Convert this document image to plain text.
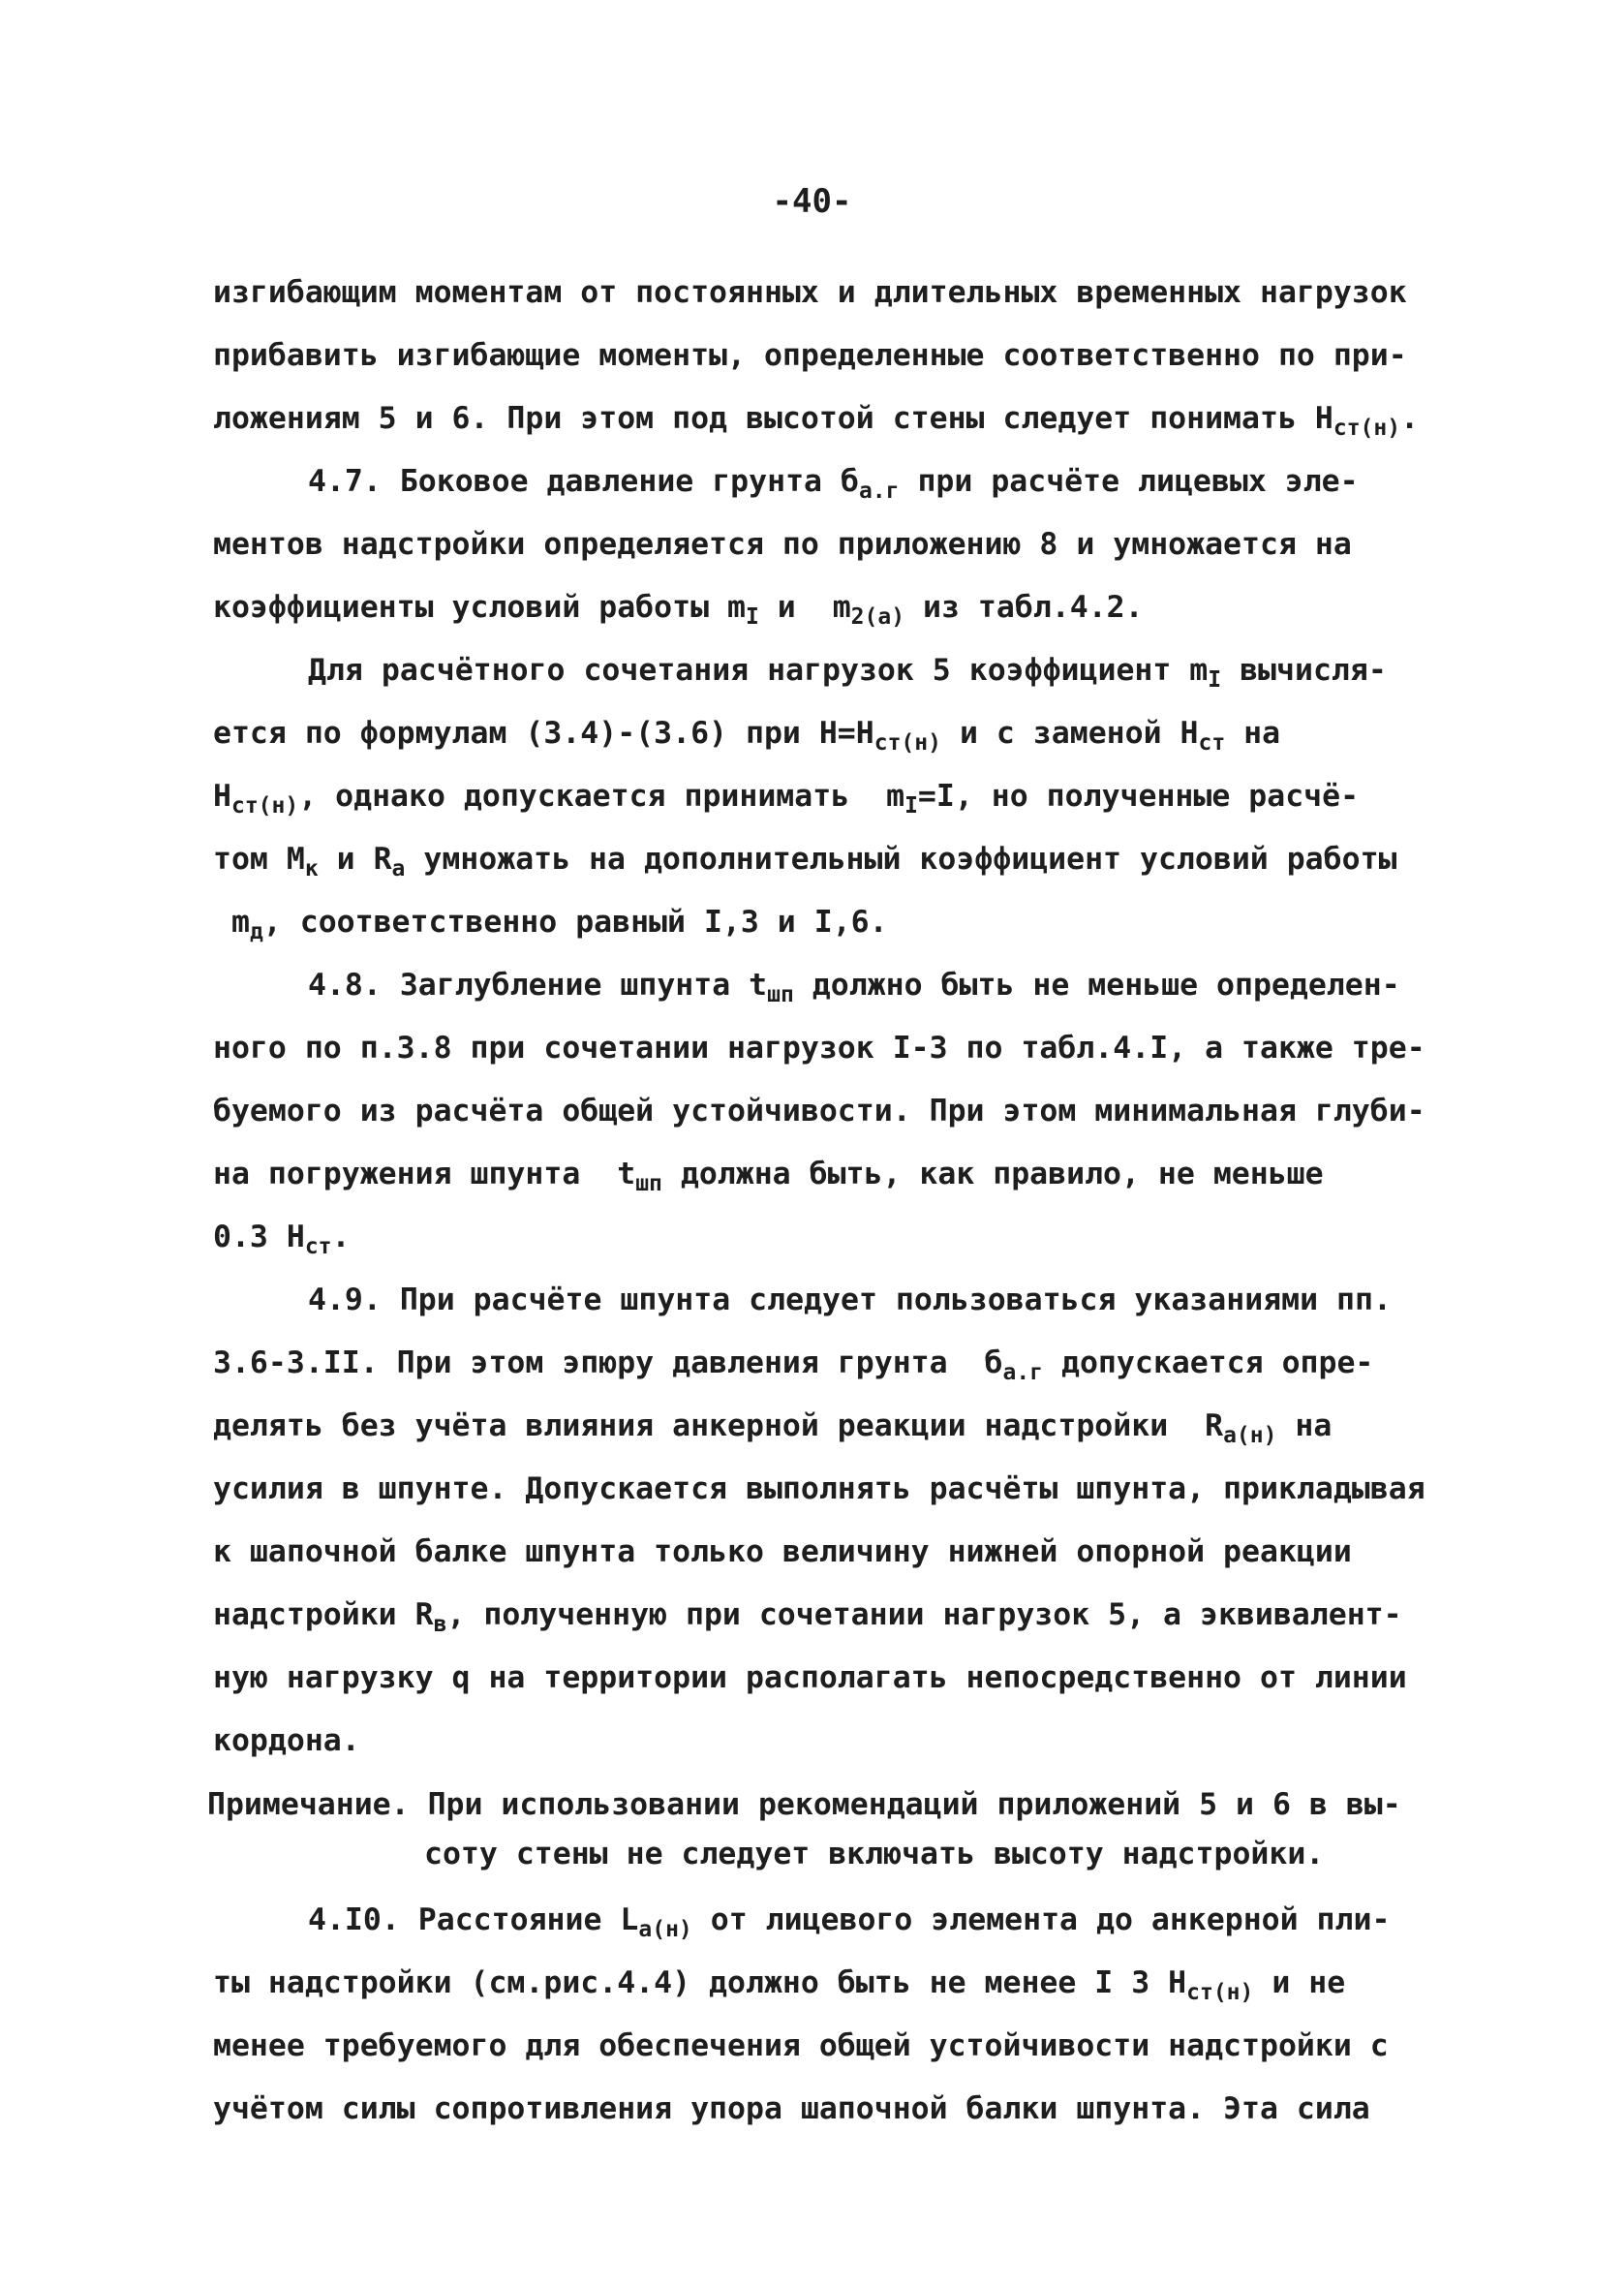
-40-
изгибающим моментам от постоянных и длительных временных нагрузок
прибавить изгибающие моменты, определенные соответственно по при-
ложениям 5 и 6. При этом под высотой стены следует понимать $Н_{ст(н)}$.
4.7. Боковое давление грунта $б_{а.г}$ при расчёте лицевых эле-
ментов надстройки определяется по приложению 8 и умножается на
коэффициенты условий работы $m_I$ и  $m_{2(а)}$ из табл.4.2.
Для расчётного сочетания нагрузок 5 коэффициент $m_I$ вычисля-
ется по формулам (3.4)-(3.6) при $Н=Н_{ст(н)}$ и с заменой $Н_{ст}$ на
$Н_{ст(н)}$, однако допускается принимать  $m_I=I$, но полученные расчё-
том $М_к$ и $R_а$ умножать на дополнительный коэффициент условий работы
$m_д$, соответственно равный I,3 и I,6.
4.8. Заглубление шпунта $t_{шп}$ должно быть не меньше определен-
ного по п.3.8 при сочетании нагрузок I-3 по табл.4.I, а также тре-
буемого из расчёта общей устойчивости. При этом минимальная глуби-
на погружения шпунта  $t_{шп}$ должна быть, как правило, не меньше
0.3 $Н_{ст}$.
4.9. При расчёте шпунта следует пользоваться указаниями пп.
3.6-3.II. При этом эпюру давления грунта  $б_{а.г}$ допускается опре-
делять без учёта влияния анкерной реакции надстройки  $R_{а(н)}$ на
усилия в шпунте. Допускается выполнять расчёты шпунта, прикладывая
к шапочной балке шпунта только величину нижней опорной реакции
надстройки $R_в$, полученную при сочетании нагрузок 5, а эквивалент-
ную нагрузку q на территории располагать непосредственно от линии
кордона.
Примечание. При использовании рекомендаций приложений 5 и 6 в вы-
соту стены не следует включать высоту надстройки.
4.I0. Расстояние $L_{а(н)}$ от лицевого элемента до анкерной пли-
ты надстройки (см.рис.4.4) должно быть не менее I 3 $Н_{ст(н)}$ и не
менее требуемого для обеспечения общей устойчивости надстройки с
учётом силы сопротивления упора шапочной балки шпунта. Эта сила
